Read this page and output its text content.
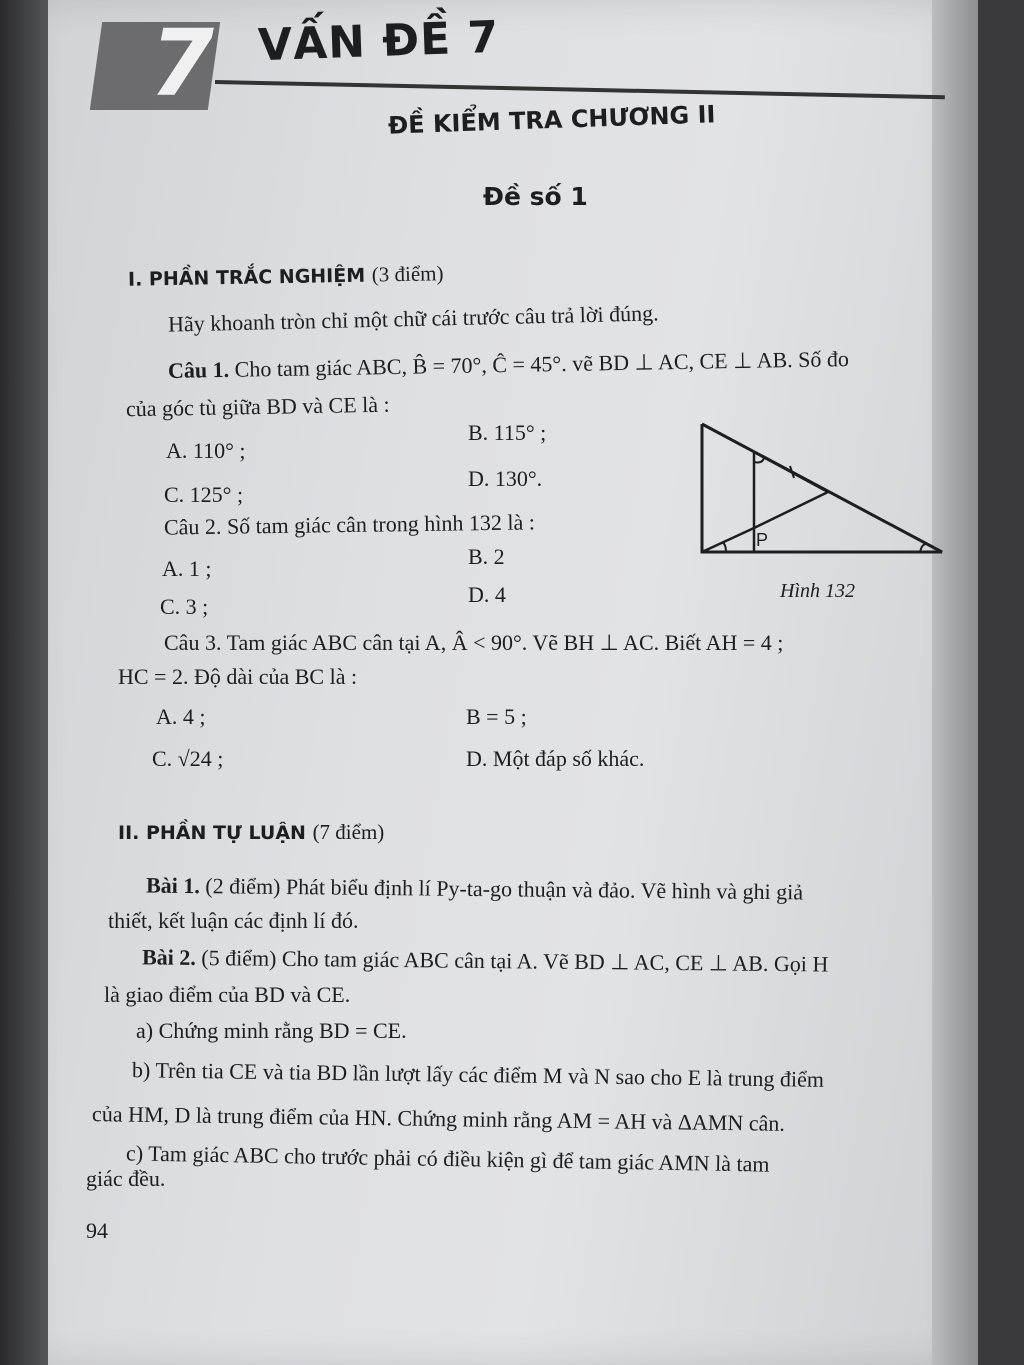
7 VẤN ĐỀ 7
ĐỀ KIỂM TRA CHƯƠNG II
Đề số 1
I. PHẦN TRẮC NGHIỆM (3 điểm)
Hãy khoanh tròn chỉ một chữ cái trước câu trả lời đúng.
Câu 1. Cho tam giác ABC, B̂ = 70°, Ĉ = 45°. vẽ BD ⊥ AC, CE ⊥ AB. Số đo
của góc tù giữa BD và CE là :
A. 110° ;
B. 115° ;
C. 125° ;
D. 130°.
Câu 2. Số tam giác cân trong hình 132 là :
A. 1 ;	B. 2
C. 3 ;	D. 4
P
Hình 132
Câu 3. Tam giác ABC cân tại A, Â < 90°. Vẽ BH ⊥ AC. Biết AH = 4 ;
HC = 2. Độ dài của BC là :
A. 4 ;	B = 5 ;
C. √24 ;	D. Một đáp số khác.
II. PHẦN TỰ LUẬN (7 điểm)
Bài 1. (2 điểm) Phát biểu định lí Py-ta-go thuận và đảo. Vẽ hình và ghi giả
thiết, kết luận các định lí đó.
Bài 2. (5 điểm) Cho tam giác ABC cân tại A. Vẽ BD ⊥ AC, CE ⊥ AB. Gọi H
là giao điểm của BD và CE.
a) Chứng minh rằng BD = CE.
b) Trên tia CE và tia BD lần lượt lấy các điểm M và N sao cho E là trung điểm
của HM, D là trung điểm của HN. Chứng minh rằng AM = AH và ΔAMN cân.
c) Tam giác ABC cho trước phải có điều kiện gì để tam giác AMN là tam
giác đều.
94
